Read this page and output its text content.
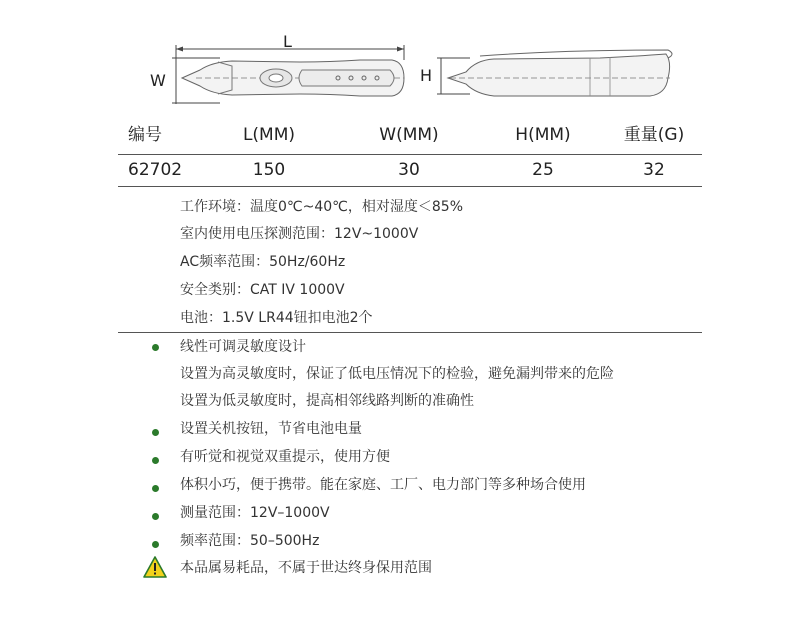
L
W	H
编号	L(MM)	W(MM)	H(MM)	重量(G)
62702	150	30	25	32
工作环境：温度0℃~40℃，相对湿度＜85%
室内使用电压探测范围：12V~1000V
AC频率范围：50Hz/60Hz
安全类别：CAT IV 1000V
电池：1.5V LR44钮扣电池2个
线性可调灵敏度设计
设置为高灵敏度时，保证了低电压情况下的检验，避免漏判带来的危险
设置为低灵敏度时，提高相邻线路判断的准确性
设置关机按钮，节省电池电量
有听觉和视觉双重提示，使用方便
体积小巧，便于携带。能在家庭、工厂、电力部门等多种场合使用
测量范围：12V–1000V
频率范围：50–500Hz
本品属易耗品，不属于世达终身保用范围
